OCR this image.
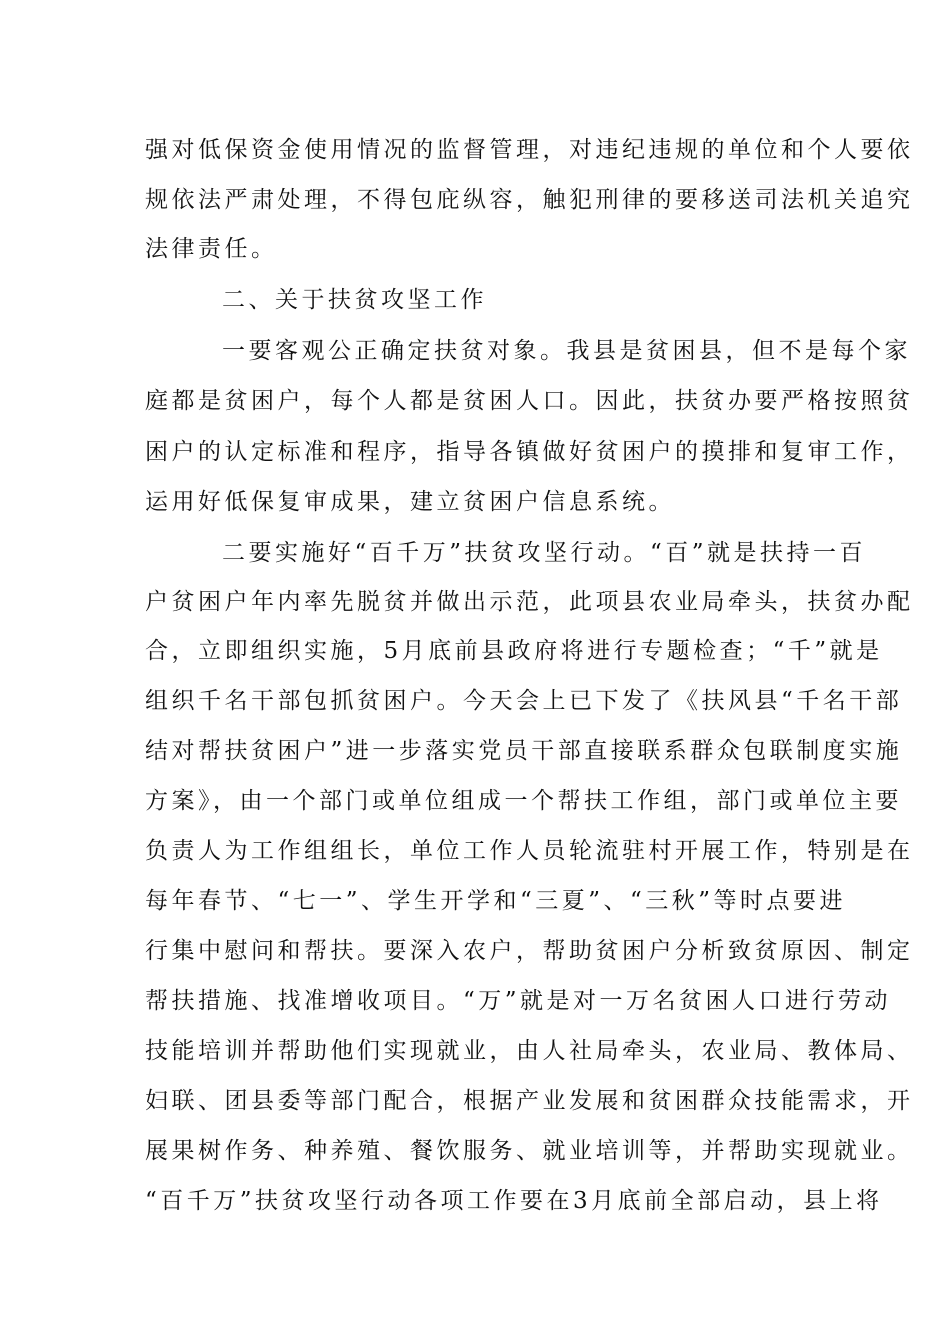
强对低保资金使用情况的监督管理，对违纪违规的单位和个人要依
规依法严肃处理，不得包庇纵容，触犯刑律的要移送司法机关追究
法律责任。
二、关于扶贫攻坚工作
一要客观公正确定扶贫对象。我县是贫困县，但不是每个家
庭都是贫困户，每个人都是贫困人口。因此，扶贫办要严格按照贫
困户的认定标准和程序，指导各镇做好贫困户的摸排和复审工作，
运用好低保复审成果，建立贫困户信息系统。
二要实施好“百千万”扶贫攻坚行动。“百”就是扶持一百
户贫困户年内率先脱贫并做出示范，此项县农业局牵头，扶贫办配
合，立即组织实施，5月底前县政府将进行专题检查；“千”就是
组织千名干部包抓贫困户。今天会上已下发了《扶风县“千名干部
结对帮扶贫困户”进一步落实党员干部直接联系群众包联制度实施
方案》，由一个部门或单位组成一个帮扶工作组，部门或单位主要
负责人为工作组组长，单位工作人员轮流驻村开展工作，特别是在
每年春节、“七一”、学生开学和“三夏”、“三秋”等时点要进
行集中慰问和帮扶。要深入农户，帮助贫困户分析致贫原因、制定
帮扶措施、找准增收项目。“万”就是对一万名贫困人口进行劳动
技能培训并帮助他们实现就业，由人社局牵头，农业局、教体局、
妇联、团县委等部门配合，根据产业发展和贫困群众技能需求，开
展果树作务、种养殖、餐饮服务、就业培训等，并帮助实现就业。
“百千万”扶贫攻坚行动各项工作要在3月底前全部启动，县上将
